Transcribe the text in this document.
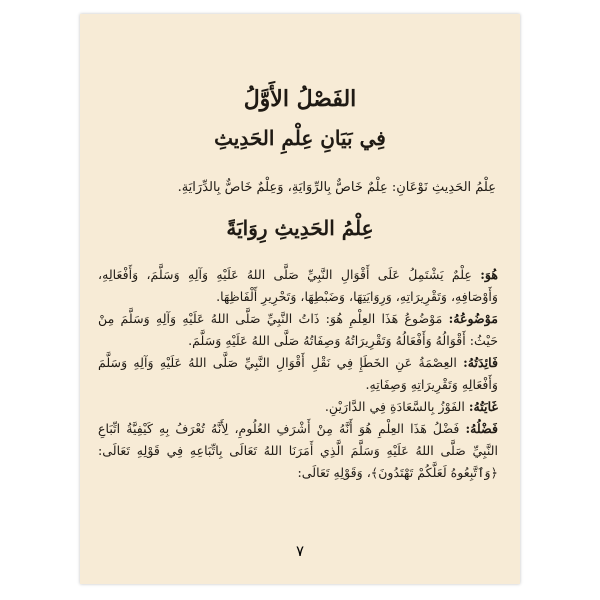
الفَصْلُ الأَوَّلُ
فِي بَيَانِ عِلْمِ الحَدِيثِ
عِلْمُ الحَدِيثِ نَوْعَانِ: عِلْمٌ خَاصٌّ بِالرِّوَايَةِ، وَعِلْمٌ خَاصٌّ بِالدِّرَايَةِ.
عِلْمُ الحَدِيثِ رِوَايَةً

هُوَ: عِلْمٌ يَشْتَمِلُ عَلَى أَقْوَالِ النَّبِيِّ صَلَّى اللهُ عَلَيْهِ وَآلِهِ وَسَلَّمَ، وَأَفْعَالِهِ، وَأَوْصَافِهِ، وَتَقْرِيرَاتِهِ، وَرِوَايَتِهَا، وَضَبْطِهَا، وَتَحْرِيرِ أَلْفَاظِهَا.

مَوْضُوعُهُ: مَوْضُوعُ هَذَا العِلْمِ هُوَ: ذَاتُ النَّبِيِّ صَلَّى اللهُ عَلَيْهِ وَآلِهِ وَسَلَّمَ مِنْ حَيْثُ: أَقْوَالُهُ وَأَفْعَالُهُ وَتَقْرِيرَاتُهُ وَصِفَاتُهُ صَلَّى اللهُ عَلَيْهِ وَسَلَّمَ.

فَائِدَتُهُ: العِصْمَةُ عَنِ الخَطَإِ فِي نَقْلِ أَقْوَالِ النَّبِيِّ صَلَّى اللهُ عَلَيْهِ وَآلِهِ وَسَلَّمَ وَأَفْعَالِهِ وَتَقْرِيرَاتِهِ وَصِفَاتِهِ.

غَايَتُهُ: الفَوْزُ بِالسَّعَادَةِ فِي الدَّارَيْنِ.

فَضْلُهُ: فَضْلُ هَذَا العِلْمِ هُوَ أَنَّهُ مِنْ أَشْرَفِ العُلُومِ، لِأَنَّهُ تُعْرَفُ بِهِ كَيْفِيَّةُ اتِّبَاعِ النَّبِيِّ صَلَّى اللهُ عَلَيْهِ وَسَلَّمَ الَّذِي أَمَرَنَا اللهُ تَعَالَى بِاتِّبَاعِهِ فِي قَوْلِهِ تَعَالَى: ﴿وَٱتَّبِعُوهُ لَعَلَّكُمْ تَهْتَدُونَ﴾، وَقَوْلِهِ تَعَالَى:

٧
